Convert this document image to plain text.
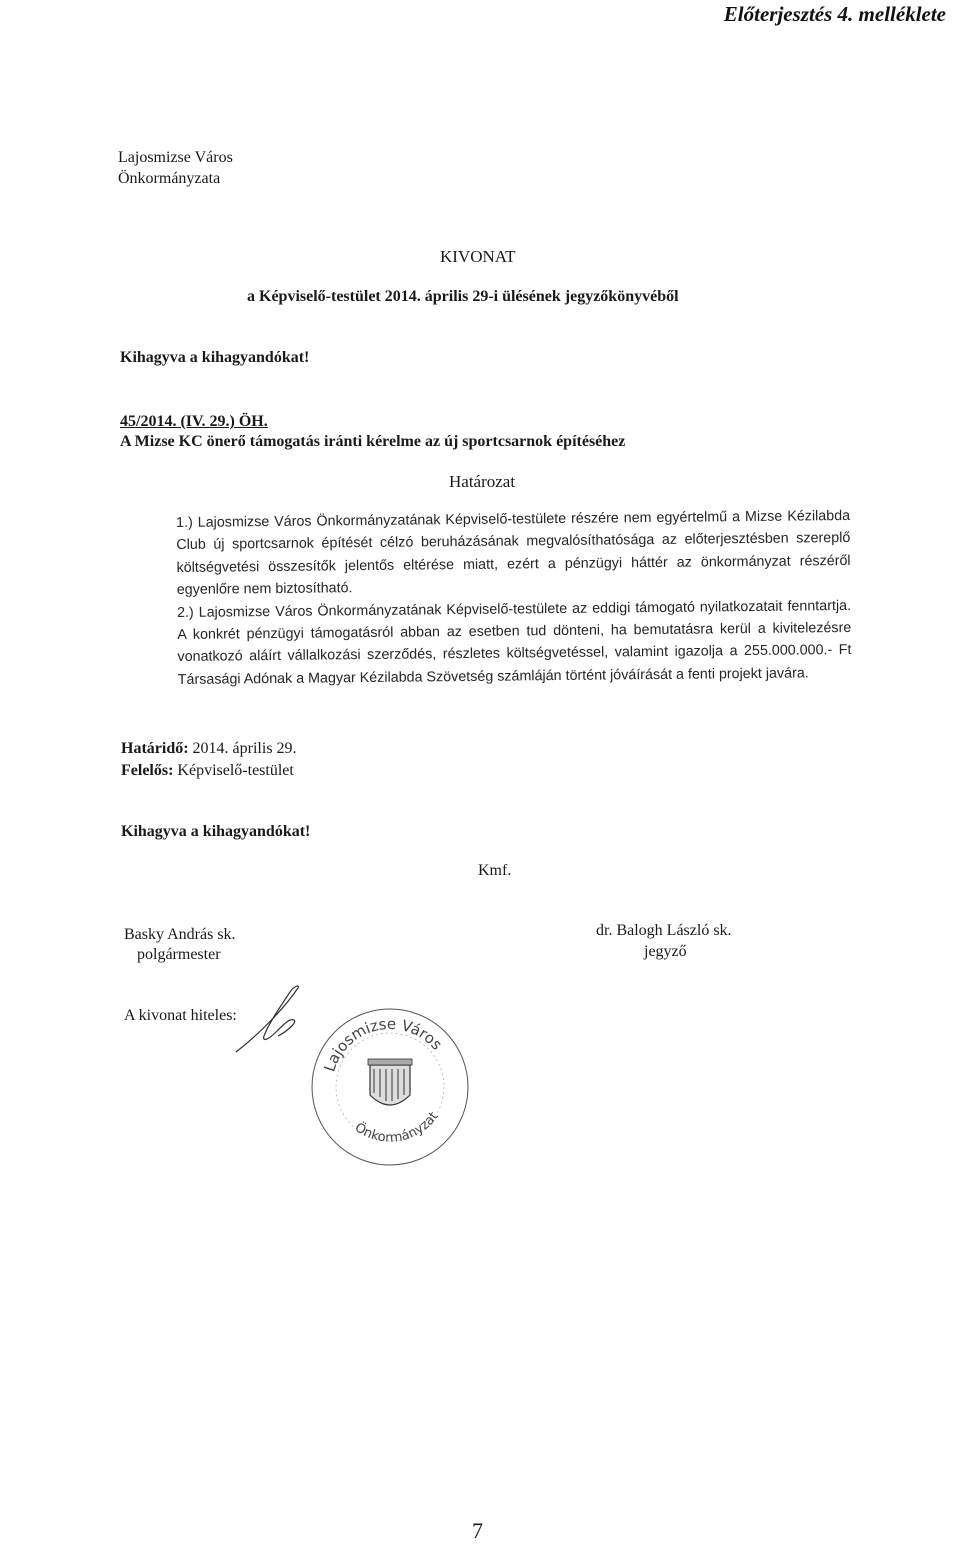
Előterjesztés 4. melléklete
Lajosmizse Város
Önkormányzata
KIVONAT
a Képviselő-testület 2014. április 29-i ülésének jegyzőkönyvéből
Kihagyva a kihagyandókat!
45/2014. (IV. 29.) ÖH.
A Mizse KC önerő támogatás iránti kérelme az új sportcsarnok építéséhez
Határozat

1.) Lajosmizse Város Önkormányzatának Képviselő-testülete részére nem egyértelmű a Mizse Kézilabda Club új sportcsarnok építését célzó beruházásának megvalósíthatósága az előterjesztésben szereplő költségvetési összesítők jelentős eltérése miatt, ezért a pénzügyi háttér az önkormányzat részéről egyenlőre nem biztosítható.

2.) Lajosmizse Város Önkormányzatának Képviselő-testülete az eddigi támogató nyilatkozatait fenntartja. A konkrét pénzügyi támogatásról abban az esetben tud dönteni, ha bemutatásra kerül a kivitelezésre vonatkozó aláírt vállalkozási szerződés, részletes költségvetéssel, valamint igazolja a 255.000.000.- Ft Társasági Adónak a Magyar Kézilabda Szövetség számláján történt jóváírását a fenti projekt javára.

Határidő: 2014. április 29.
Felelős: Képviselő-testület
Kihagyva a kihagyandókat!
Kmf.
Basky András sk.
polgármester
dr. Balogh László sk.
jegyző
A kivonat hiteles:
Lajosmizse Város
Önkormányzat
7
